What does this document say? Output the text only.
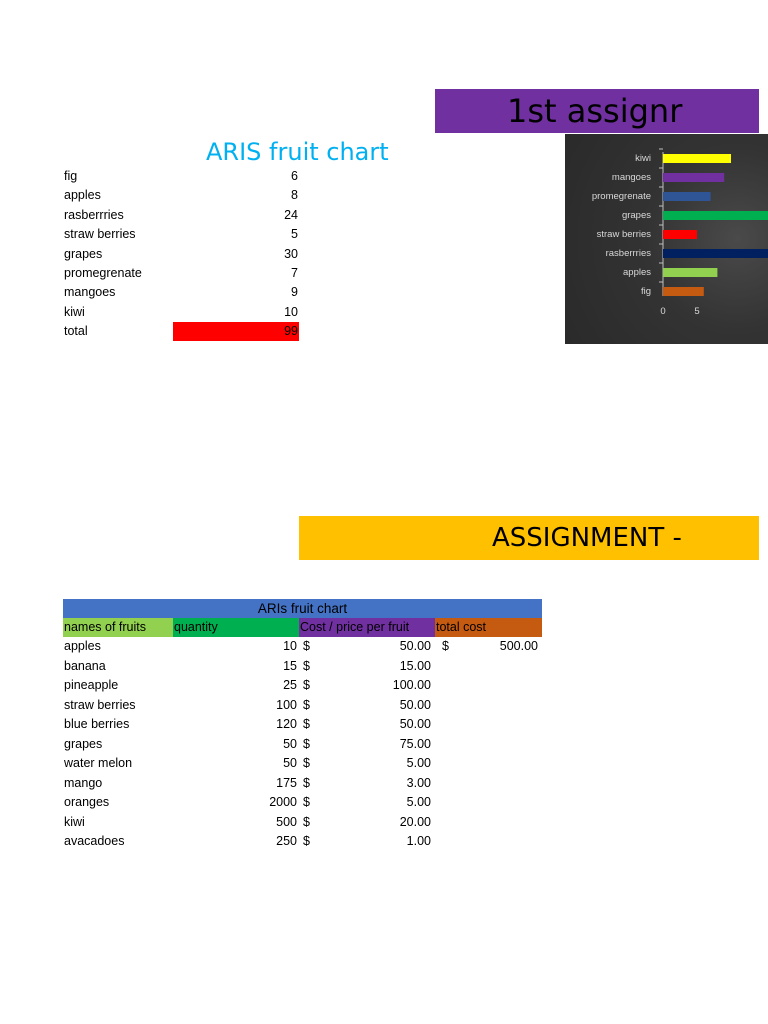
1st assignr
ARIS fruit chart
fig	6
apples	8
rasberrries	24
straw berries	5
grapes	30
promegrenate	7
mangoes	9
kiwi	10
total	99
kiwi
mangoes
promegrenate
grapes
straw berries
rasberrries
apples
fig
0	5
ASSIGNMENT -
ARIs fruit chart
names of fruits	quantity	Cost / price per fruit	total cost
apples	10 $	50.00 $	500.00
banana	15 $	15.00
pineapple	25 $	100.00
straw berries	100 $	50.00
blue berries	120 $	50.00
grapes	50 $	75.00
water melon	50 $	5.00
mango	175 $	3.00
oranges	2000 $	5.00
kiwi	500 $	20.00
avacadoes	250 $	1.00
